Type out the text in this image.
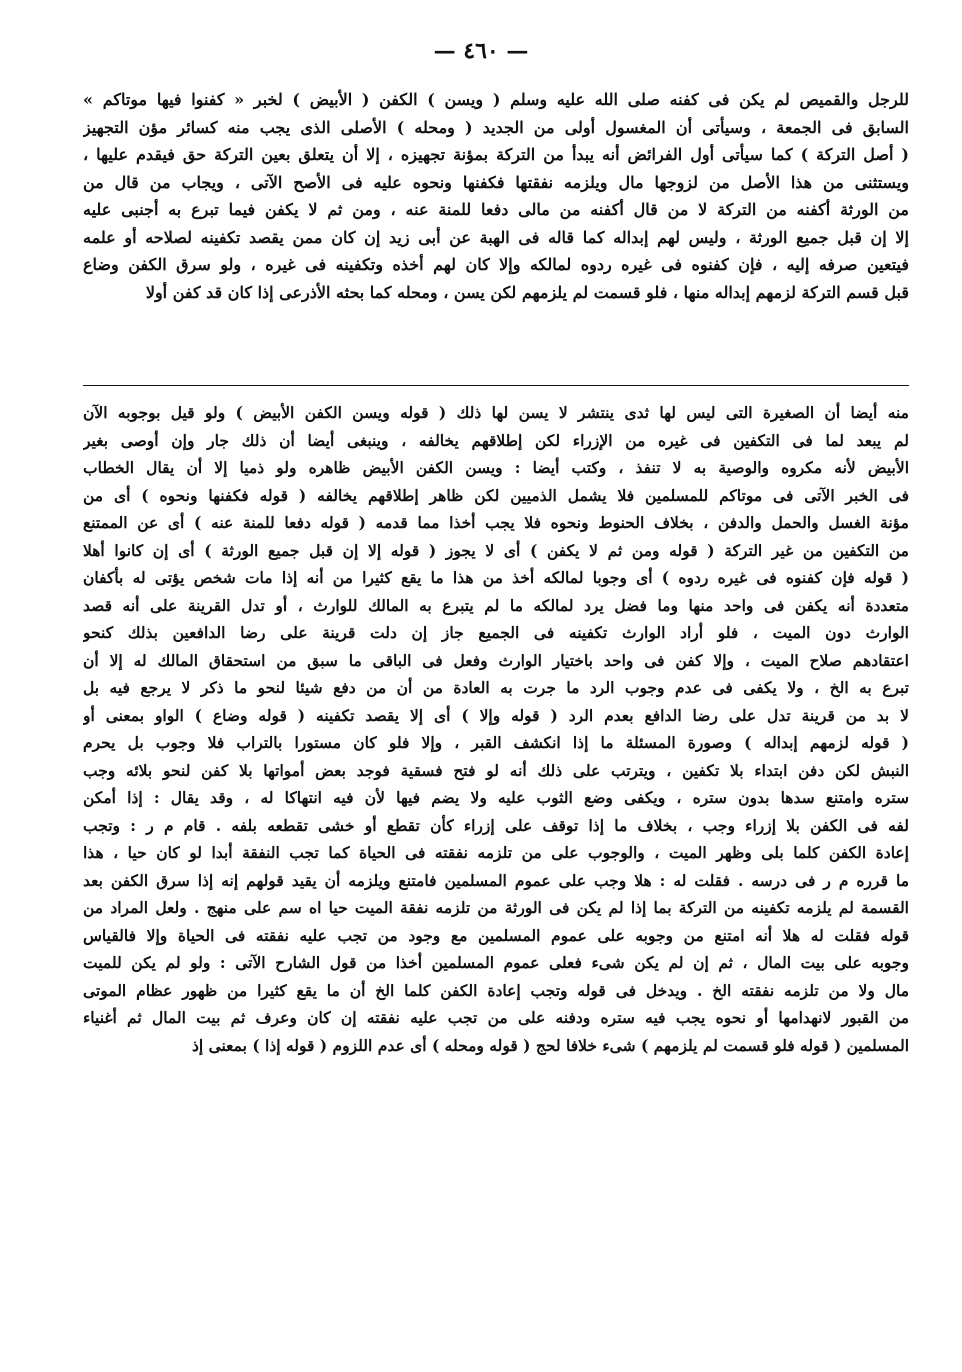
— ٤٦٠ —

للرجل والقميص لم يكن فى كفنه صلى الله عليه وسلم ( ويسن ) الكفن ( الأبيض ) لخبر « كفنوا فيها موتاكم »

السابق فى الجمعة ، وسيأتى أن المغسول أولى من الجديد ( ومحله ) الأصلى الذى يجب منه كسائر مؤن التجهيز

( أصل التركة ) كما سيأتى أول الفرائض أنه يبدأ من التركة بمؤنة تجهيزه ، إلا أن يتعلق بعين التركة حق فيقدم عليها ،

ويستثنى من هذا الأصل من لزوجها مال ويلزمه نفقتها فكفنها ونحوه عليه فى الأصح الآتى ، ويجاب من قال من

من الورثة أكفنه من التركة لا من قال أكفنه من مالى دفعا للمنة عنه ، ومن ثم لا يكفن فيما تبرع به أجنبى عليه

إلا إن قبل جميع الورثة ، وليس لهم إبداله كما قاله فى الهبة عن أبى زيد إن كان ممن يقصد تكفينه لصلاحه أو علمه

فيتعين صرفه إليه ، فإن كفنوه فى غيره ردوه لمالكه وإلا كان لهم أخذه وتكفينه فى غيره ، ولو سرق الكفن وضاع

قبل قسم التركة لزمهم إبداله منها ، فلو قسمت لم يلزمهم لكن يسن ، ومحله كما بحثه الأذرعى إذا كان قد كفن أولا

منه أيضا أن الصغيرة التى ليس لها ثدى ينتشر لا يسن لها ذلك ( قوله ويسن الكفن الأبيض ) ولو قيل بوجوبه الآن

لم يبعد لما فى التكفين فى غيره من الإزراء لكن إطلاقهم يخالفه ، وينبغى أيضا أن ذلك جار وإن أوصى بغير

الأبيض لأنه مكروه والوصية به لا تنفذ ، وكتب أيضا : ويسن الكفن الأبيض ظاهره ولو ذميا إلا أن يقال الخطاب

فى الخبر الآتى فى موتاكم للمسلمين فلا يشمل الذميين لكن ظاهر إطلاقهم يخالفه ( قوله فكفنها ونحوه ) أى من

مؤنة الغسل والحمل والدفن ، بخلاف الحنوط ونحوه فلا يجب أخذا مما قدمه ( قوله دفعا للمنة عنه ) أى عن الممتنع

من التكفين من غير التركة ( قوله ومن ثم لا يكفن ) أى لا يجوز ( قوله إلا إن قبل جميع الورثة ) أى إن كانوا أهلا

( قوله فإن كفنوه فى غيره ردوه ) أى وجوبا لمالكه أخذ من هذا ما يقع كثيرا من أنه إذا مات شخص يؤتى له بأكفان

متعددة أنه يكفن فى واحد منها وما فضل يرد لمالكه ما لم يتبرع به المالك للوارث ، أو تدل القرينة على أنه قصد

الوارث دون الميت ، فلو أراد الوارث تكفينه فى الجميع جاز إن دلت قرينة على رضا الدافعين بذلك كنحو

اعتقادهم صلاح الميت ، وإلا كفن فى واحد باختيار الوارث وفعل فى الباقى ما سبق من استحقاق المالك له إلا أن

تبرع به الخ ، ولا يكفى فى عدم وجوب الرد ما جرت به العادة من أن من دفع شيئا لنحو ما ذكر لا يرجع فيه بل

لا بد من قرينة تدل على رضا الدافع بعدم الرد ( قوله وإلا ) أى إلا يقصد تكفينه ( قوله وضاع ) الواو بمعنى أو

( قوله لزمهم إبداله ) وصورة المسئلة ما إذا انكشف القبر ، وإلا فلو كان مستورا بالتراب فلا وجوب بل يحرم

النبش لكن دفن ابتداء بلا تكفين ، ويترتب على ذلك أنه لو فتح فسقية فوجد بعض أمواتها بلا كفن لنحو بلائه وجب

ستره وامتنع سدها بدون ستره ، ويكفى وضع الثوب عليه ولا يضم فيها لأن فيه انتهاكا له ، وقد يقال : إذا أمكن

لفه فى الكفن بلا إزراء وجب ، بخلاف ما إذا توقف على إزراء كأن تقطع أو خشى تقطعه بلفه . قام م ر : وتجب

إعادة الكفن كلما بلى وظهر الميت ، والوجوب على من تلزمه نفقته فى الحياة كما تجب النفقة أبدا لو كان حيا ، هذا

ما قرره م ر فى درسه . فقلت له : هلا وجب على عموم المسلمين فامتنع ويلزمه أن يقيد قولهم إنه إذا سرق الكفن بعد

القسمة لم يلزمه تكفينه من التركة بما إذا لم يكن فى الورثة من تلزمه نفقة الميت حيا اه سم على منهج . ولعل المراد من

قوله فقلت له هلا أنه امتنع من وجوبه على عموم المسلمين مع وجود من تجب عليه نفقته فى الحياة وإلا فالقياس

وجوبه على بيت المال ، ثم إن لم يكن شىء فعلى عموم المسلمين أخذا من قول الشارح الآتى : ولو لم يكن للميت

مال ولا من تلزمه نفقته الخ . ويدخل فى قوله وتجب إعادة الكفن كلما الخ أن ما يقع كثيرا من ظهور عظام الموتى

من القبور لانهدامها أو نحوه يجب فيه ستره ودفنه على من تجب عليه نفقته إن كان وعرف ثم بيت المال ثم أغنياء

المسلمين ( قوله فلو قسمت لم يلزمهم ) شىء خلافا لحج ( قوله ومحله ) أى عدم اللزوم ( قوله إذا ) بمعنى إذ
